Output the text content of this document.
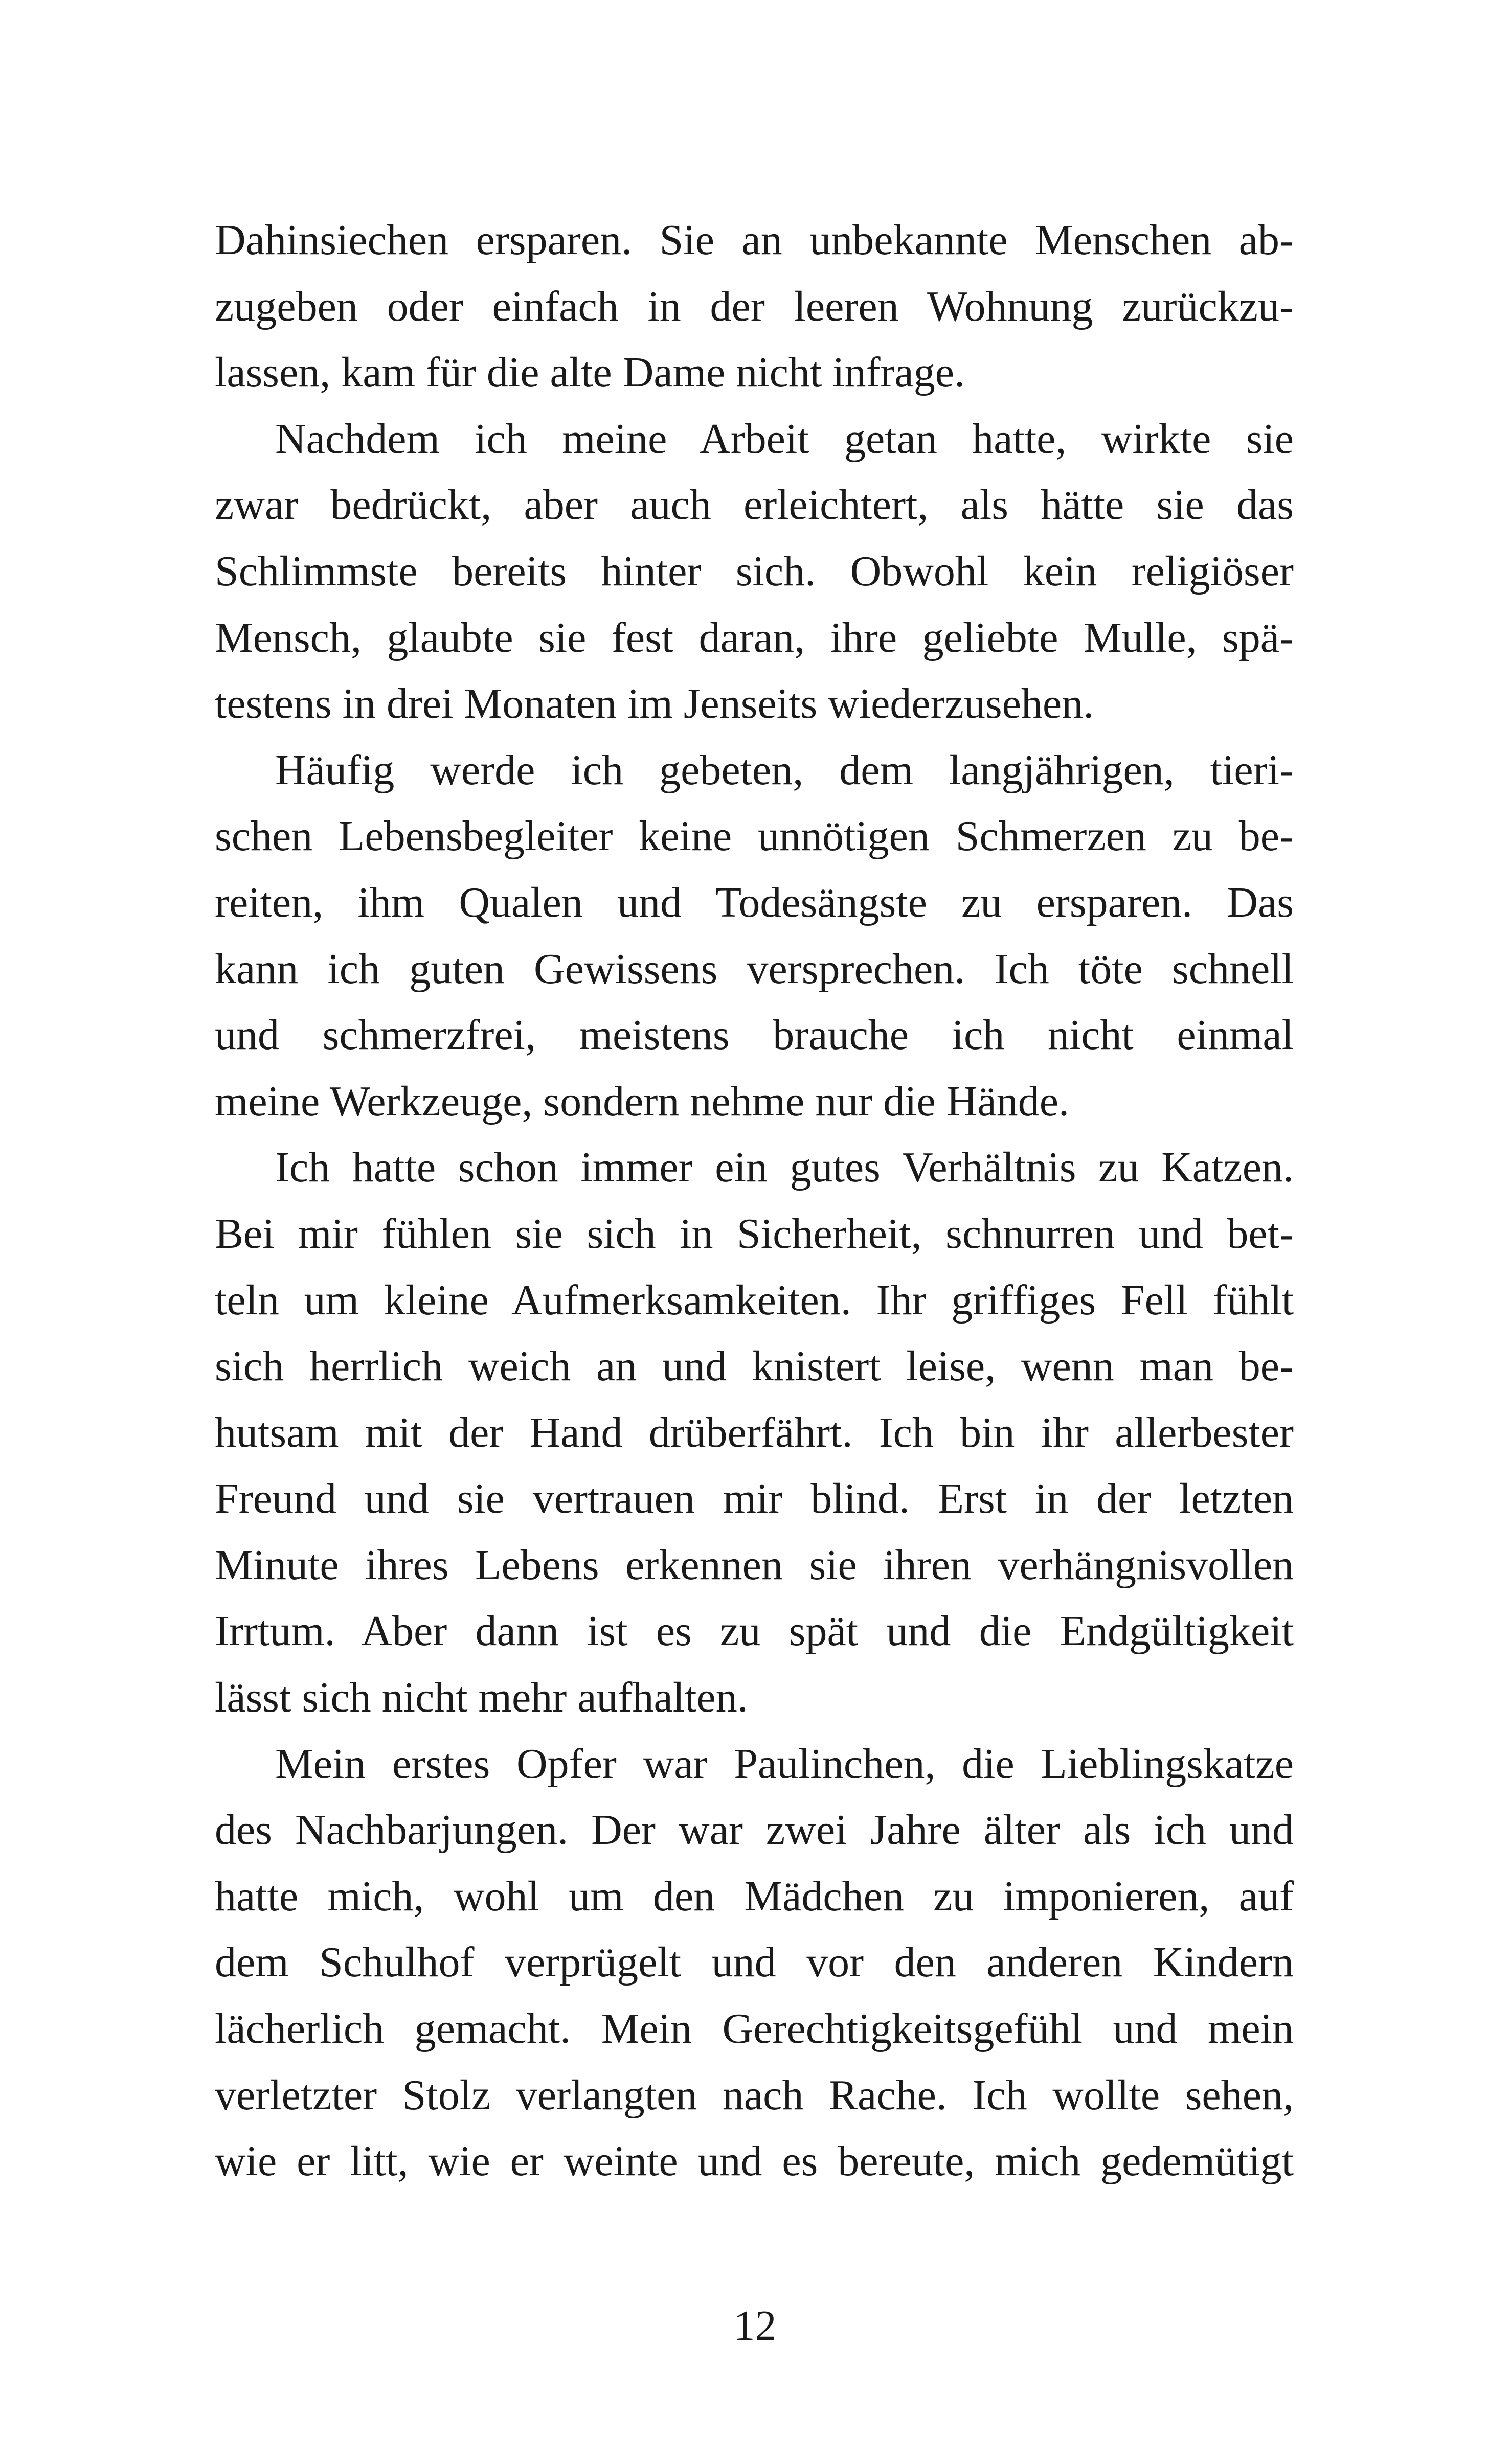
Dahinsiechen ersparen. Sie an unbekannte Menschen ab-
zugeben oder einfach in der leeren Wohnung zurückzu-
lassen, kam für die alte Dame nicht infrage.
Nachdem ich meine Arbeit getan hatte, wirkte sie
zwar bedrückt, aber auch erleichtert, als hätte sie das
Schlimmste bereits hinter sich. Obwohl kein religiöser
Mensch, glaubte sie fest daran, ihre geliebte Mulle, spä-
testens in drei Monaten im Jenseits wiederzusehen.
Häufig werde ich gebeten, dem langjährigen, tieri-
schen Lebensbegleiter keine unnötigen Schmerzen zu be-
reiten, ihm Qualen und Todesängste zu ersparen. Das
kann ich guten Gewissens versprechen. Ich töte schnell
und schmerzfrei, meistens brauche ich nicht einmal
meine Werkzeuge, sondern nehme nur die Hände.
Ich hatte schon immer ein gutes Verhältnis zu Katzen.
Bei mir fühlen sie sich in Sicherheit, schnurren und bet-
teln um kleine Aufmerksamkeiten. Ihr griffiges Fell fühlt
sich herrlich weich an und knistert leise, wenn man be-
hutsam mit der Hand drüberfährt. Ich bin ihr allerbester
Freund und sie vertrauen mir blind. Erst in der letzten
Minute ihres Lebens erkennen sie ihren verhängnisvollen
Irrtum. Aber dann ist es zu spät und die Endgültigkeit
lässt sich nicht mehr aufhalten.
Mein erstes Opfer war Paulinchen, die Lieblingskatze
des Nachbarjungen. Der war zwei Jahre älter als ich und
hatte mich, wohl um den Mädchen zu imponieren, auf
dem Schulhof verprügelt und vor den anderen Kindern
lächerlich gemacht. Mein Gerechtigkeitsgefühl und mein
verletzter Stolz verlangten nach Rache. Ich wollte sehen,
wie er litt, wie er weinte und es bereute, mich gedemütigt
12
